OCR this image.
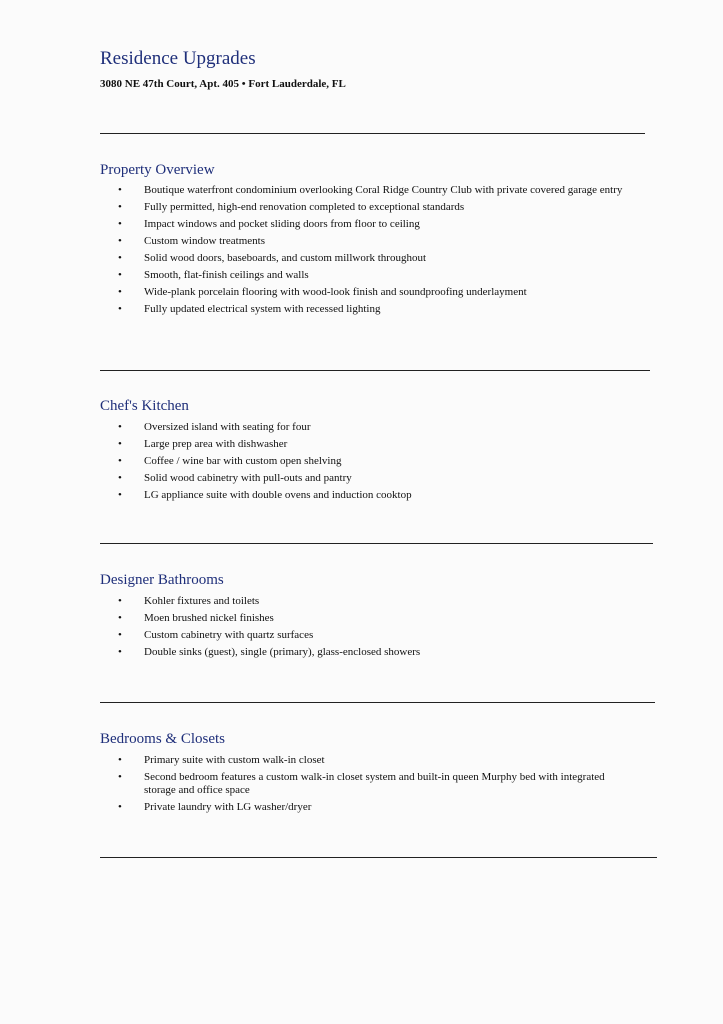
Residence Upgrades
3080 NE 47th Court, Apt. 405 • Fort Lauderdale, FL
Property Overview
• Boutique waterfront condominium overlooking Coral Ridge Country Club with private covered garage entry
• Fully permitted, high-end renovation completed to exceptional standards
• Impact windows and pocket sliding doors from floor to ceiling
• Custom window treatments
• Solid wood doors, baseboards, and custom millwork throughout
• Smooth, flat-finish ceilings and walls
• Wide-plank porcelain flooring with wood-look finish and soundproofing underlayment
• Fully updated electrical system with recessed lighting
Chef's Kitchen
• Oversized island with seating for four
• Large prep area with dishwasher
• Coffee / wine bar with custom open shelving
• Solid wood cabinetry with pull-outs and pantry
• LG appliance suite with double ovens and induction cooktop
Designer Bathrooms
• Kohler fixtures and toilets
• Moen brushed nickel finishes
• Custom cabinetry with quartz surfaces
• Double sinks (guest), single (primary), glass-enclosed showers
Bedrooms & Closets
• Primary suite with custom walk-in closet
• Second bedroom features a custom walk-in closet system and built-in queen Murphy bed with integrated storage and office space
• Private laundry with LG washer/dryer
